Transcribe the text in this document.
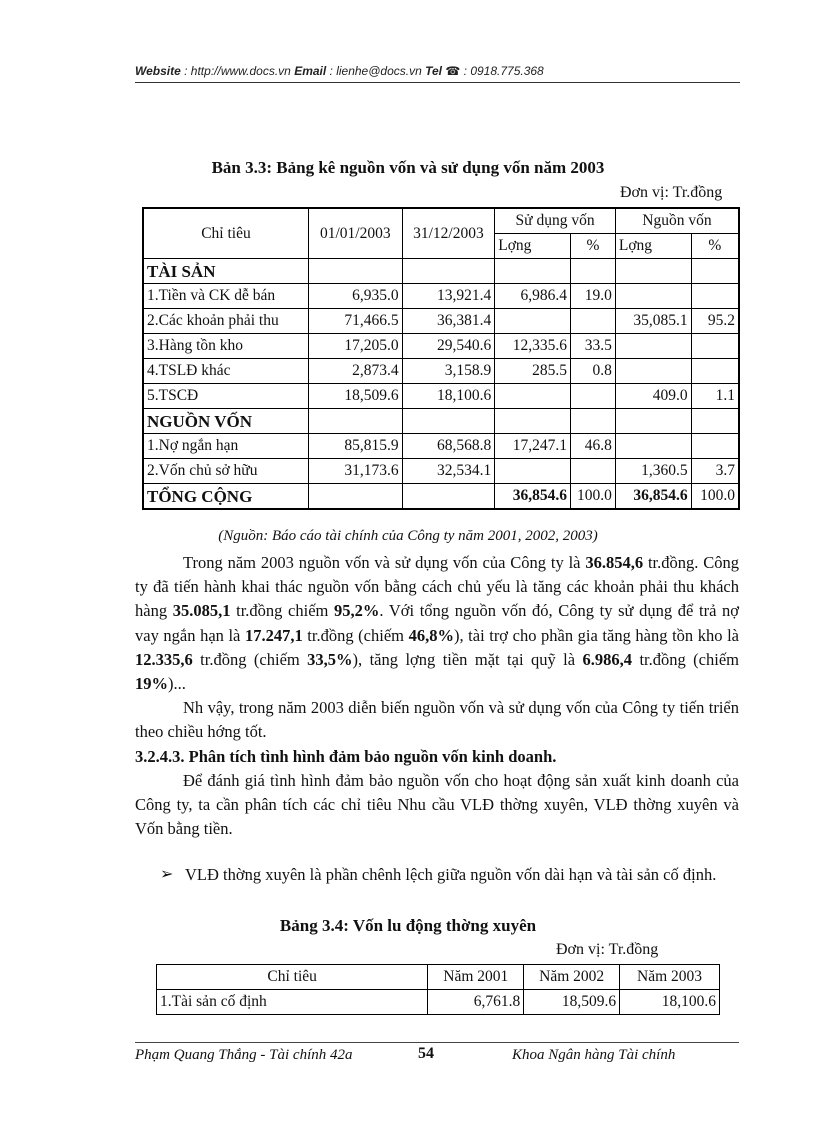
Website : http://www.docs.vn Email : lienhe@docs.vn Tel ☎ : 0918.775.368
Bản 3.3: Bảng kê nguồn vốn và sử dụng vốn năm 2003
Đơn vị: Tr.đồng
Chỉ tiêu	01/01/2003	31/12/2003	Sử dụng vốn		Nguồn vốn	
			Lợng	%	Lợng	%
TÀI SẢN						
1.Tiền và CK dễ bán	6,935.0	13,921.4	6,986.4	19.0		
2.Các khoản phải thu	71,466.5	36,381.4			35,085.1	95.2
3.Hàng tồn kho	17,205.0	29,540.6	12,335.6	33.5		
4.TSLĐ khác	2,873.4	3,158.9	285.5	0.8		
5.TSCĐ	18,509.6	18,100.6			409.0	1.1
NGUỒN VỐN						
1.Nợ ngắn hạn	85,815.9	68,568.8	17,247.1	46.8		
2.Vốn chủ sở hữu	31,173.6	32,534.1			1,360.5	3.7
TỔNG CỘNG			36,854.6	100.0	36,854.6	100.0
(Nguồn: Báo cáo tài chính của Công ty năm 2001, 2002, 2003)

Trong năm 2003 nguồn vốn và sử dụng vốn của Công ty là 36.854,6 tr.đồng. Công ty đã tiến hành khai thác nguồn vốn bằng cách chủ yếu là tăng các khoản phải thu khách hàng 35.085,1 tr.đồng chiếm 95,2%. Với tổng nguồn vốn đó, Công ty sử dụng để trả nợ vay ngắn hạn là 17.247,1 tr.đồng (chiếm 46,8%), tài trợ cho phần gia tăng hàng tồn kho là 12.335,6 tr.đồng (chiếm 33,5%), tăng lợng tiền mặt tại quỹ là 6.986,4 tr.đồng (chiếm 19%)...

Nh vậy, trong năm 2003 diễn biến nguồn vốn và sử dụng vốn của Công ty tiến triển theo chiều hớng tốt.

3.2.4.3. Phân tích tình hình đảm bảo nguồn vốn kinh doanh.

Để đánh giá tình hình đảm bảo nguồn vốn cho hoạt động sản xuất kinh doanh của Công ty, ta cần phân tích các chỉ tiêu Nhu cầu VLĐ thờng xuyên, VLĐ thờng xuyên và Vốn bằng tiền.

➢ VLĐ thờng xuyên là phần chênh lệch giữa nguồn vốn dài hạn và tài sản cố định.
Bảng 3.4: Vốn lu động thờng xuyên
Đơn vị: Tr.đồng
Chỉ tiêu	Năm 2001	Năm 2002	Năm 2003
1.Tài sản cố định	6,761.8	18,509.6	18,100.6
Phạm Quang Thắng - Tài chính 42a	54	Khoa Ngân hàng Tài chính
